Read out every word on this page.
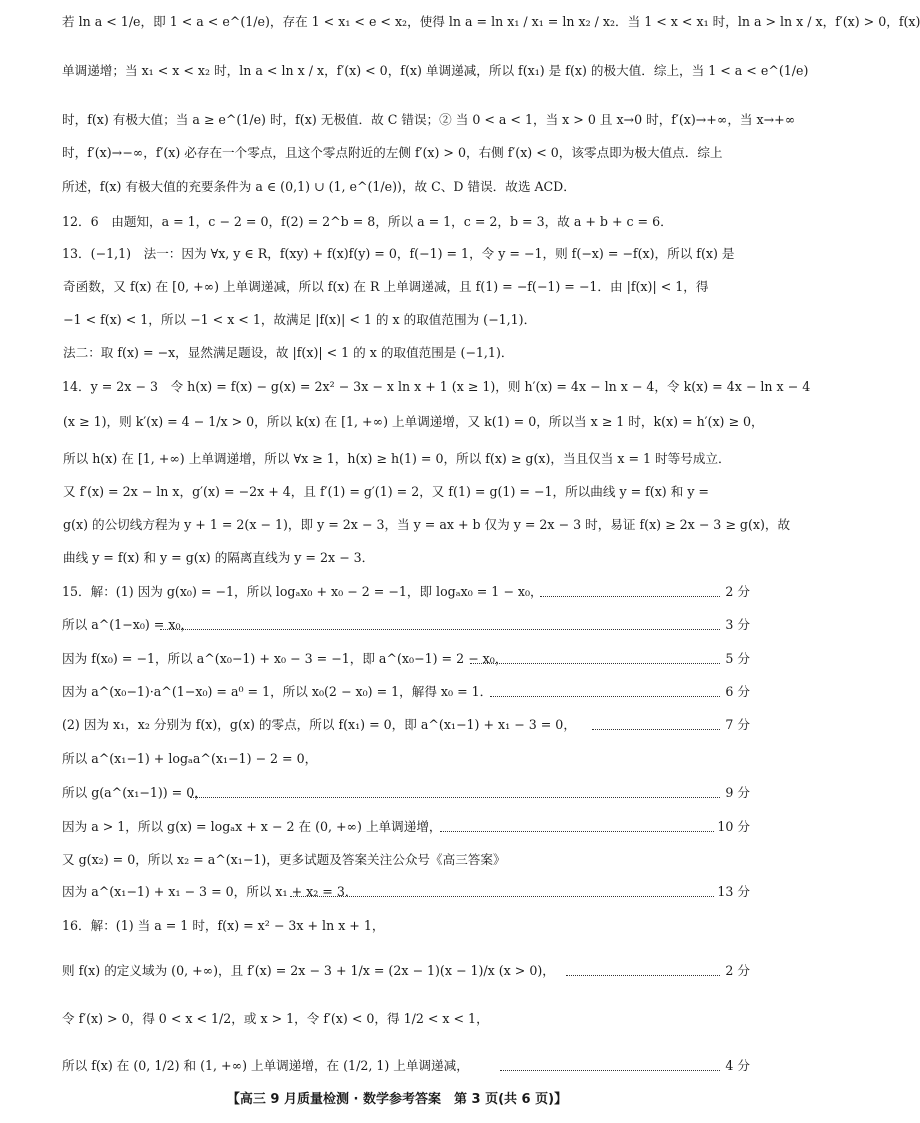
若 ln a < 1/e，即 1 < a < e^(1/e)，存在 1 < x₁ < e < x₂，使得 ln a = ln x₁ / x₁ = ln x₂ / x₂．当 1 < x < x₁ 时，ln a > ln x / x，f′(x) > 0，f(x)
单调递增；当 x₁ < x < x₂ 时，ln a < ln x / x，f′(x) < 0，f(x) 单调递减，所以 f(x₁) 是 f(x) 的极大值．综上，当 1 < a < e^(1/e)
时，f(x) 有极大值；当 a ≥ e^(1/e) 时，f(x) 无极值．故 C 错误；② 当 0 < a < 1，当 x > 0 且 x→0 时，f′(x)→+∞，当 x→+∞
时，f′(x)→−∞，f′(x) 必存在一个零点，且这个零点附近的左侧 f′(x) > 0，右侧 f′(x) < 0，该零点即为极大值点．综上
所述，f(x) 有极大值的充要条件为 a ∈ (0,1) ∪ (1, e^(1/e))，故 C、D 错误．故选 ACD．
12．6　由题知，a = 1，c − 2 = 0，f(2) = 2^b = 8，所以 a = 1，c = 2，b = 3，故 a + b + c = 6．
13．(−1,1)　法一：因为 ∀x, y ∈ R，f(xy) + f(x)f(y) = 0，f(−1) = 1，令 y = −1，则 f(−x) = −f(x)，所以 f(x) 是
奇函数，又 f(x) 在 [0, +∞) 上单调递减，所以 f(x) 在 R 上单调递减，且 f(1) = −f(−1) = −1．由 |f(x)| < 1，得
−1 < f(x) < 1，所以 −1 < x < 1，故满足 |f(x)| < 1 的 x 的取值范围为 (−1,1)．
法二：取 f(x) = −x，显然满足题设，故 |f(x)| < 1 的 x 的取值范围是 (−1,1)．
14．y = 2x − 3　令 h(x) = f(x) − g(x) = 2x² − 3x − x ln x + 1 (x ≥ 1)，则 h′(x) = 4x − ln x − 4，令 k(x) = 4x − ln x − 4
(x ≥ 1)，则 k′(x) = 4 − 1/x > 0，所以 k(x) 在 [1, +∞) 上单调递增，又 k(1) = 0，所以当 x ≥ 1 时，k(x) = h′(x) ≥ 0，
所以 h(x) 在 [1, +∞) 上单调递增，所以 ∀x ≥ 1，h(x) ≥ h(1) = 0，所以 f(x) ≥ g(x)，当且仅当 x = 1 时等号成立．
又 f′(x) = 2x − ln x，g′(x) = −2x + 4，且 f′(1) = g′(1) = 2，又 f(1) = g(1) = −1，所以曲线 y = f(x) 和 y =
g(x) 的公切线方程为 y + 1 = 2(x − 1)，即 y = 2x − 3，当 y = ax + b 仅为 y = 2x − 3 时，易证 f(x) ≥ 2x − 3 ≥ g(x)，故
曲线 y = f(x) 和 y = g(x) 的隔离直线为 y = 2x − 3．
15．解：(1) 因为 g(x₀) = −1，所以 logₐx₀ + x₀ − 2 = −1，即 logₐx₀ = 1 − x₀，	2 分
所以 a^(1−x₀) = x₀，	3 分
因为 f(x₀) = −1，所以 a^(x₀−1) + x₀ − 3 = −1，即 a^(x₀−1) = 2 − x₀，	5 分
因为 a^(x₀−1)·a^(1−x₀) = a⁰ = 1，所以 x₀(2 − x₀) = 1，解得 x₀ = 1．	6 分
(2) 因为 x₁，x₂ 分别为 f(x)，g(x) 的零点，所以 f(x₁) = 0，即 a^(x₁−1) + x₁ − 3 = 0，	7 分
所以 a^(x₁−1) + logₐa^(x₁−1) − 2 = 0，
所以 g(a^(x₁−1)) = 0，	9 分
因为 a > 1，所以 g(x) = logₐx + x − 2 在 (0, +∞) 上单调递增，	10 分
又 g(x₂) = 0，所以 x₂ = a^(x₁−1)，更多试题及答案关注公众号《高三答案》
因为 a^(x₁−1) + x₁ − 3 = 0，所以 x₁ + x₂ = 3．	13 分
16．解：(1) 当 a = 1 时，f(x) = x² − 3x + ln x + 1，
则 f(x) 的定义域为 (0, +∞)，且 f′(x) = 2x − 3 + 1/x = (2x − 1)(x − 1)/x (x > 0)，	2 分
令 f′(x) > 0，得 0 < x < 1/2，或 x > 1，令 f′(x) < 0，得 1/2 < x < 1，
所以 f(x) 在 (0, 1/2) 和 (1, +∞) 上单调递增，在 (1/2, 1) 上单调递减，	4 分
【高三 9 月质量检测 · 数学参考答案　第 3 页(共 6 页)】
